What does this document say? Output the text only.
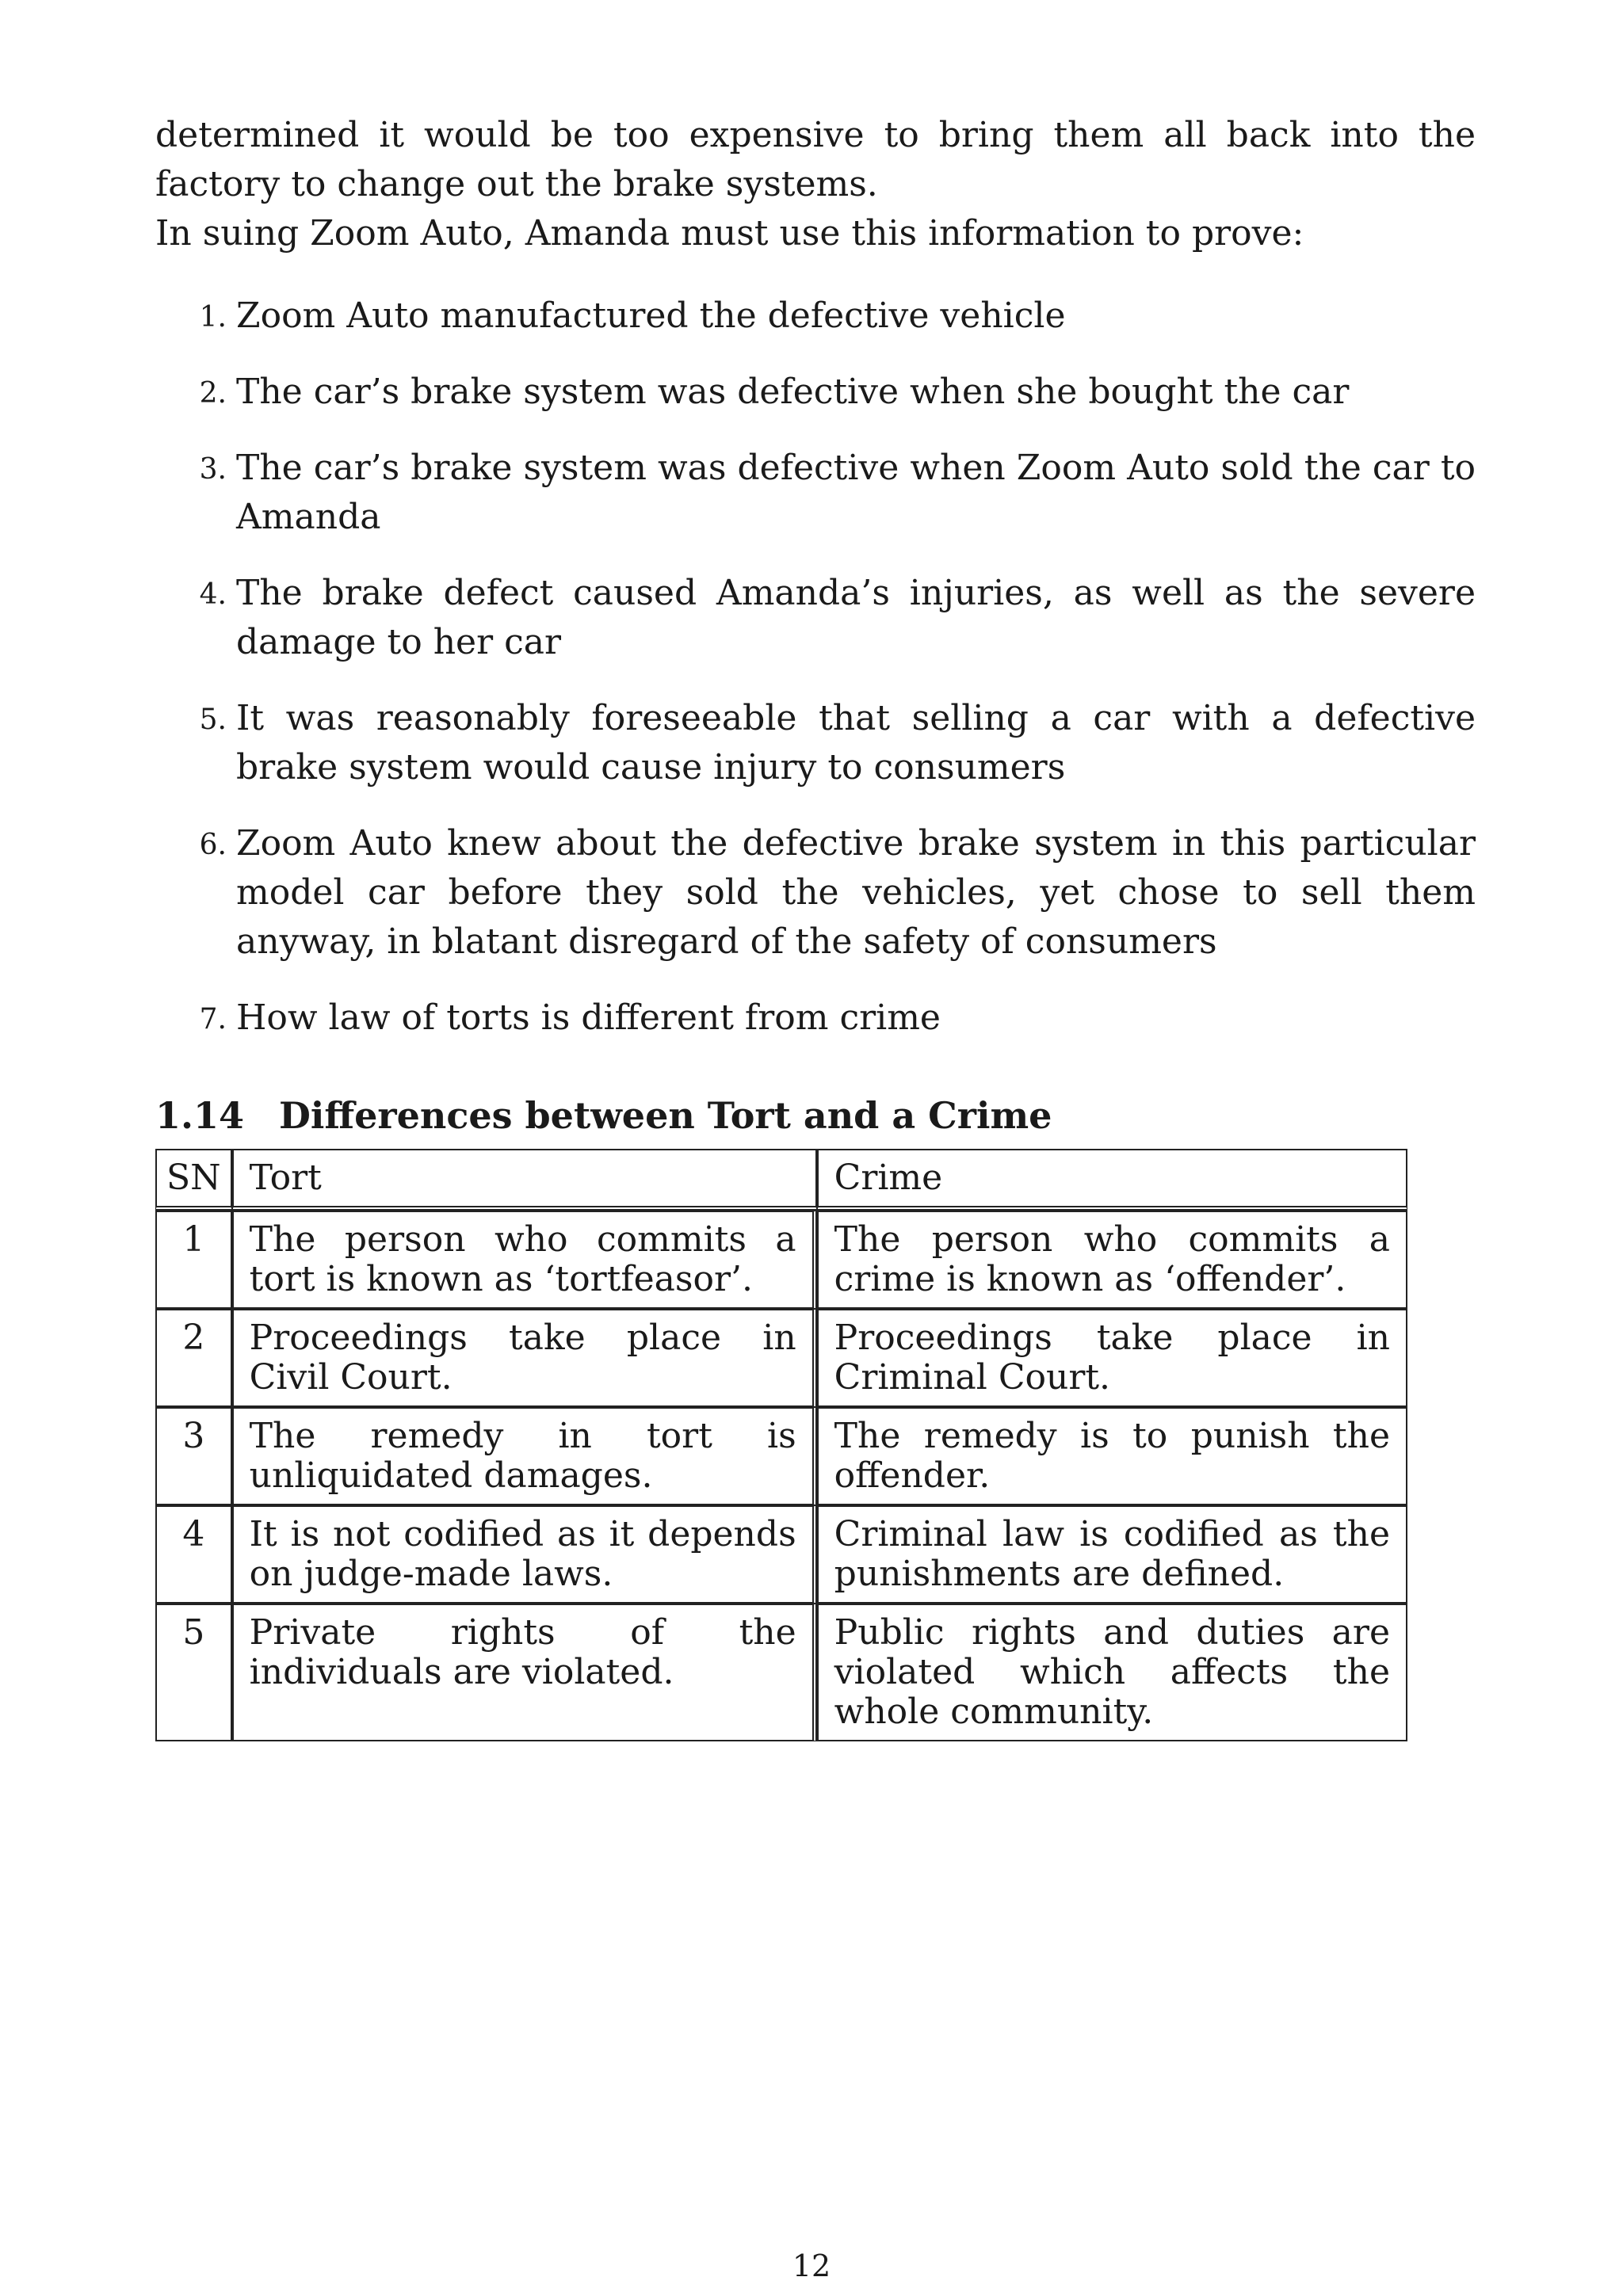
determined it would be too expensive to bring them all back into the factory to change out the brake systems.

In suing Zoom Auto, Amanda must use this information to prove:

1. Zoom Auto manufactured the defective vehicle
2. The car’s brake system was defective when she bought the car
3. The car’s brake system was defective when Zoom Auto sold the car to Amanda
4. The brake defect caused Amanda’s injuries, as well as the severe damage to her car
5. It was reasonably foreseeable that selling a car with a defective brake system would cause injury to consumers
6. Zoom Auto knew about the defective brake system in this particular model car before they sold the vehicles, yet chose to sell them anyway, in blatant disregard of the safety of consumers
7. How law of torts is different from crime
1.14 Differences between Tort and a Crime
SN	Tort	Crime
1	The person who commits a tort is known as ‘tortfeasor’.	The person who commits a crime is known as ‘offender’.
2	Proceedings take place in Civil Court.	Proceedings take place in Criminal Court.
3	The remedy in tort is unliquidated damages.	The remedy is to punish the offender.
4	It is not codified as it depends on judge-made laws.	Criminal law is codified as the punishments are defined.
5	Private rights of the individuals are violated.	Public rights and duties are violated which affects the whole community.
12
